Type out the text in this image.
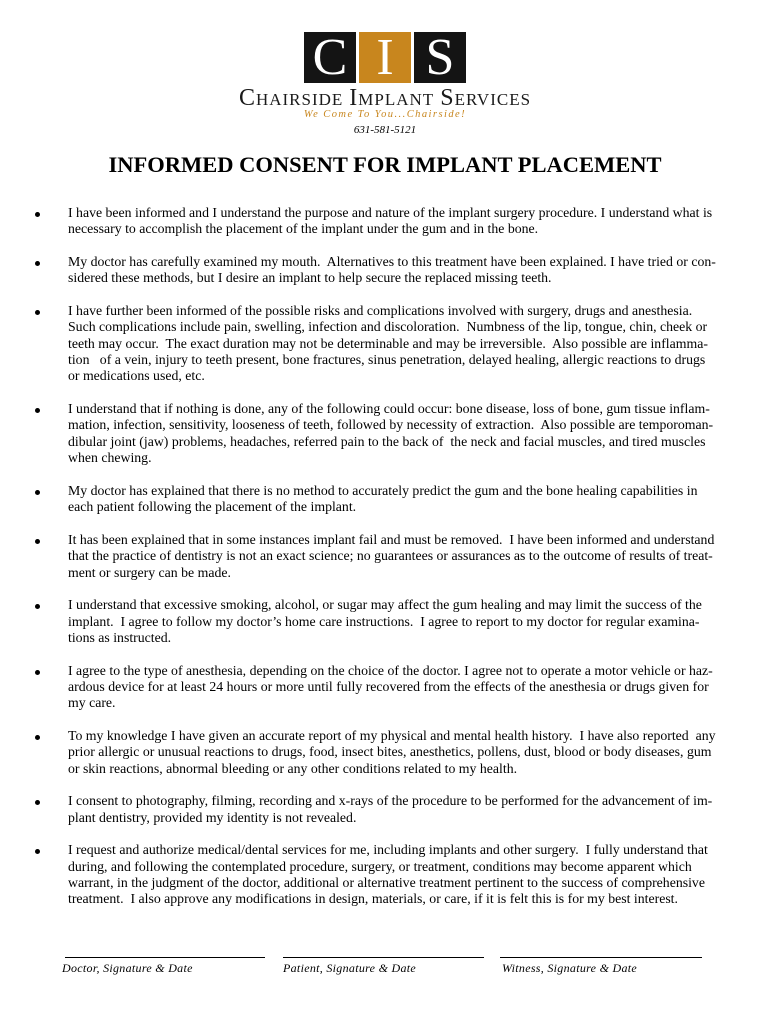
C I S
CHAIRSIDE IMPLANT SERVICES
We Come To You...Chairside!
631-581-5121
INFORMED CONSENT FOR IMPLANT PLACEMENT
I have been informed and I understand the purpose and nature of the implant surgery procedure. I understand what is
necessary to accomplish the placement of the implant under the gum and in the bone.
My doctor has carefully examined my mouth.  Alternatives to this treatment have been explained. I have tried or con-
sidered these methods, but I desire an implant to help secure the replaced missing teeth.
I have further been informed of the possible risks and complications involved with surgery, drugs and anesthesia.
Such complications include pain, swelling, infection and discoloration.  Numbness of the lip, tongue, chin, cheek or
teeth may occur.  The exact duration may not be determinable and may be irreversible.  Also possible are inflamma-
tion   of a vein, injury to teeth present, bone fractures, sinus penetration, delayed healing, allergic reactions to drugs
or medications used, etc.
I understand that if nothing is done, any of the following could occur: bone disease, loss of bone, gum tissue inflam-
mation, infection, sensitivity, looseness of teeth, followed by necessity of extraction.  Also possible are temporoman-
dibular joint (jaw) problems, headaches, referred pain to the back of  the neck and facial muscles, and tired muscles
when chewing.
My doctor has explained that there is no method to accurately predict the gum and the bone healing capabilities in
each patient following the placement of the implant.
It has been explained that in some instances implant fail and must be removed.  I have been informed and understand
that the practice of dentistry is not an exact science; no guarantees or assurances as to the outcome of results of treat-
ment or surgery can be made.
I understand that excessive smoking, alcohol, or sugar may affect the gum healing and may limit the success of the
implant.  I agree to follow my doctor’s home care instructions.  I agree to report to my doctor for regular examina-
tions as instructed.
I agree to the type of anesthesia, depending on the choice of the doctor. I agree not to operate a motor vehicle or haz-
ardous device for at least 24 hours or more until fully recovered from the effects of the anesthesia or drugs given for
my care.
To my knowledge I have given an accurate report of my physical and mental health history.  I have also reported  any
prior allergic or unusual reactions to drugs, food, insect bites, anesthetics, pollens, dust, blood or body diseases, gum
or skin reactions, abnormal bleeding or any other conditions related to my health.
I consent to photography, filming, recording and x-rays of the procedure to be performed for the advancement of im-
plant dentistry, provided my identity is not revealed.
I request and authorize medical/dental services for me, including implants and other surgery.  I fully understand that
during, and following the contemplated procedure, surgery, or treatment, conditions may become apparent which
warrant, in the judgment of the doctor, additional or alternative treatment pertinent to the success of comprehensive
treatment.  I also approve any modifications in design, materials, or care, if it is felt this is for my best interest.
Doctor, Signature & Date	Patient, Signature & Date	Witness, Signature & Date
